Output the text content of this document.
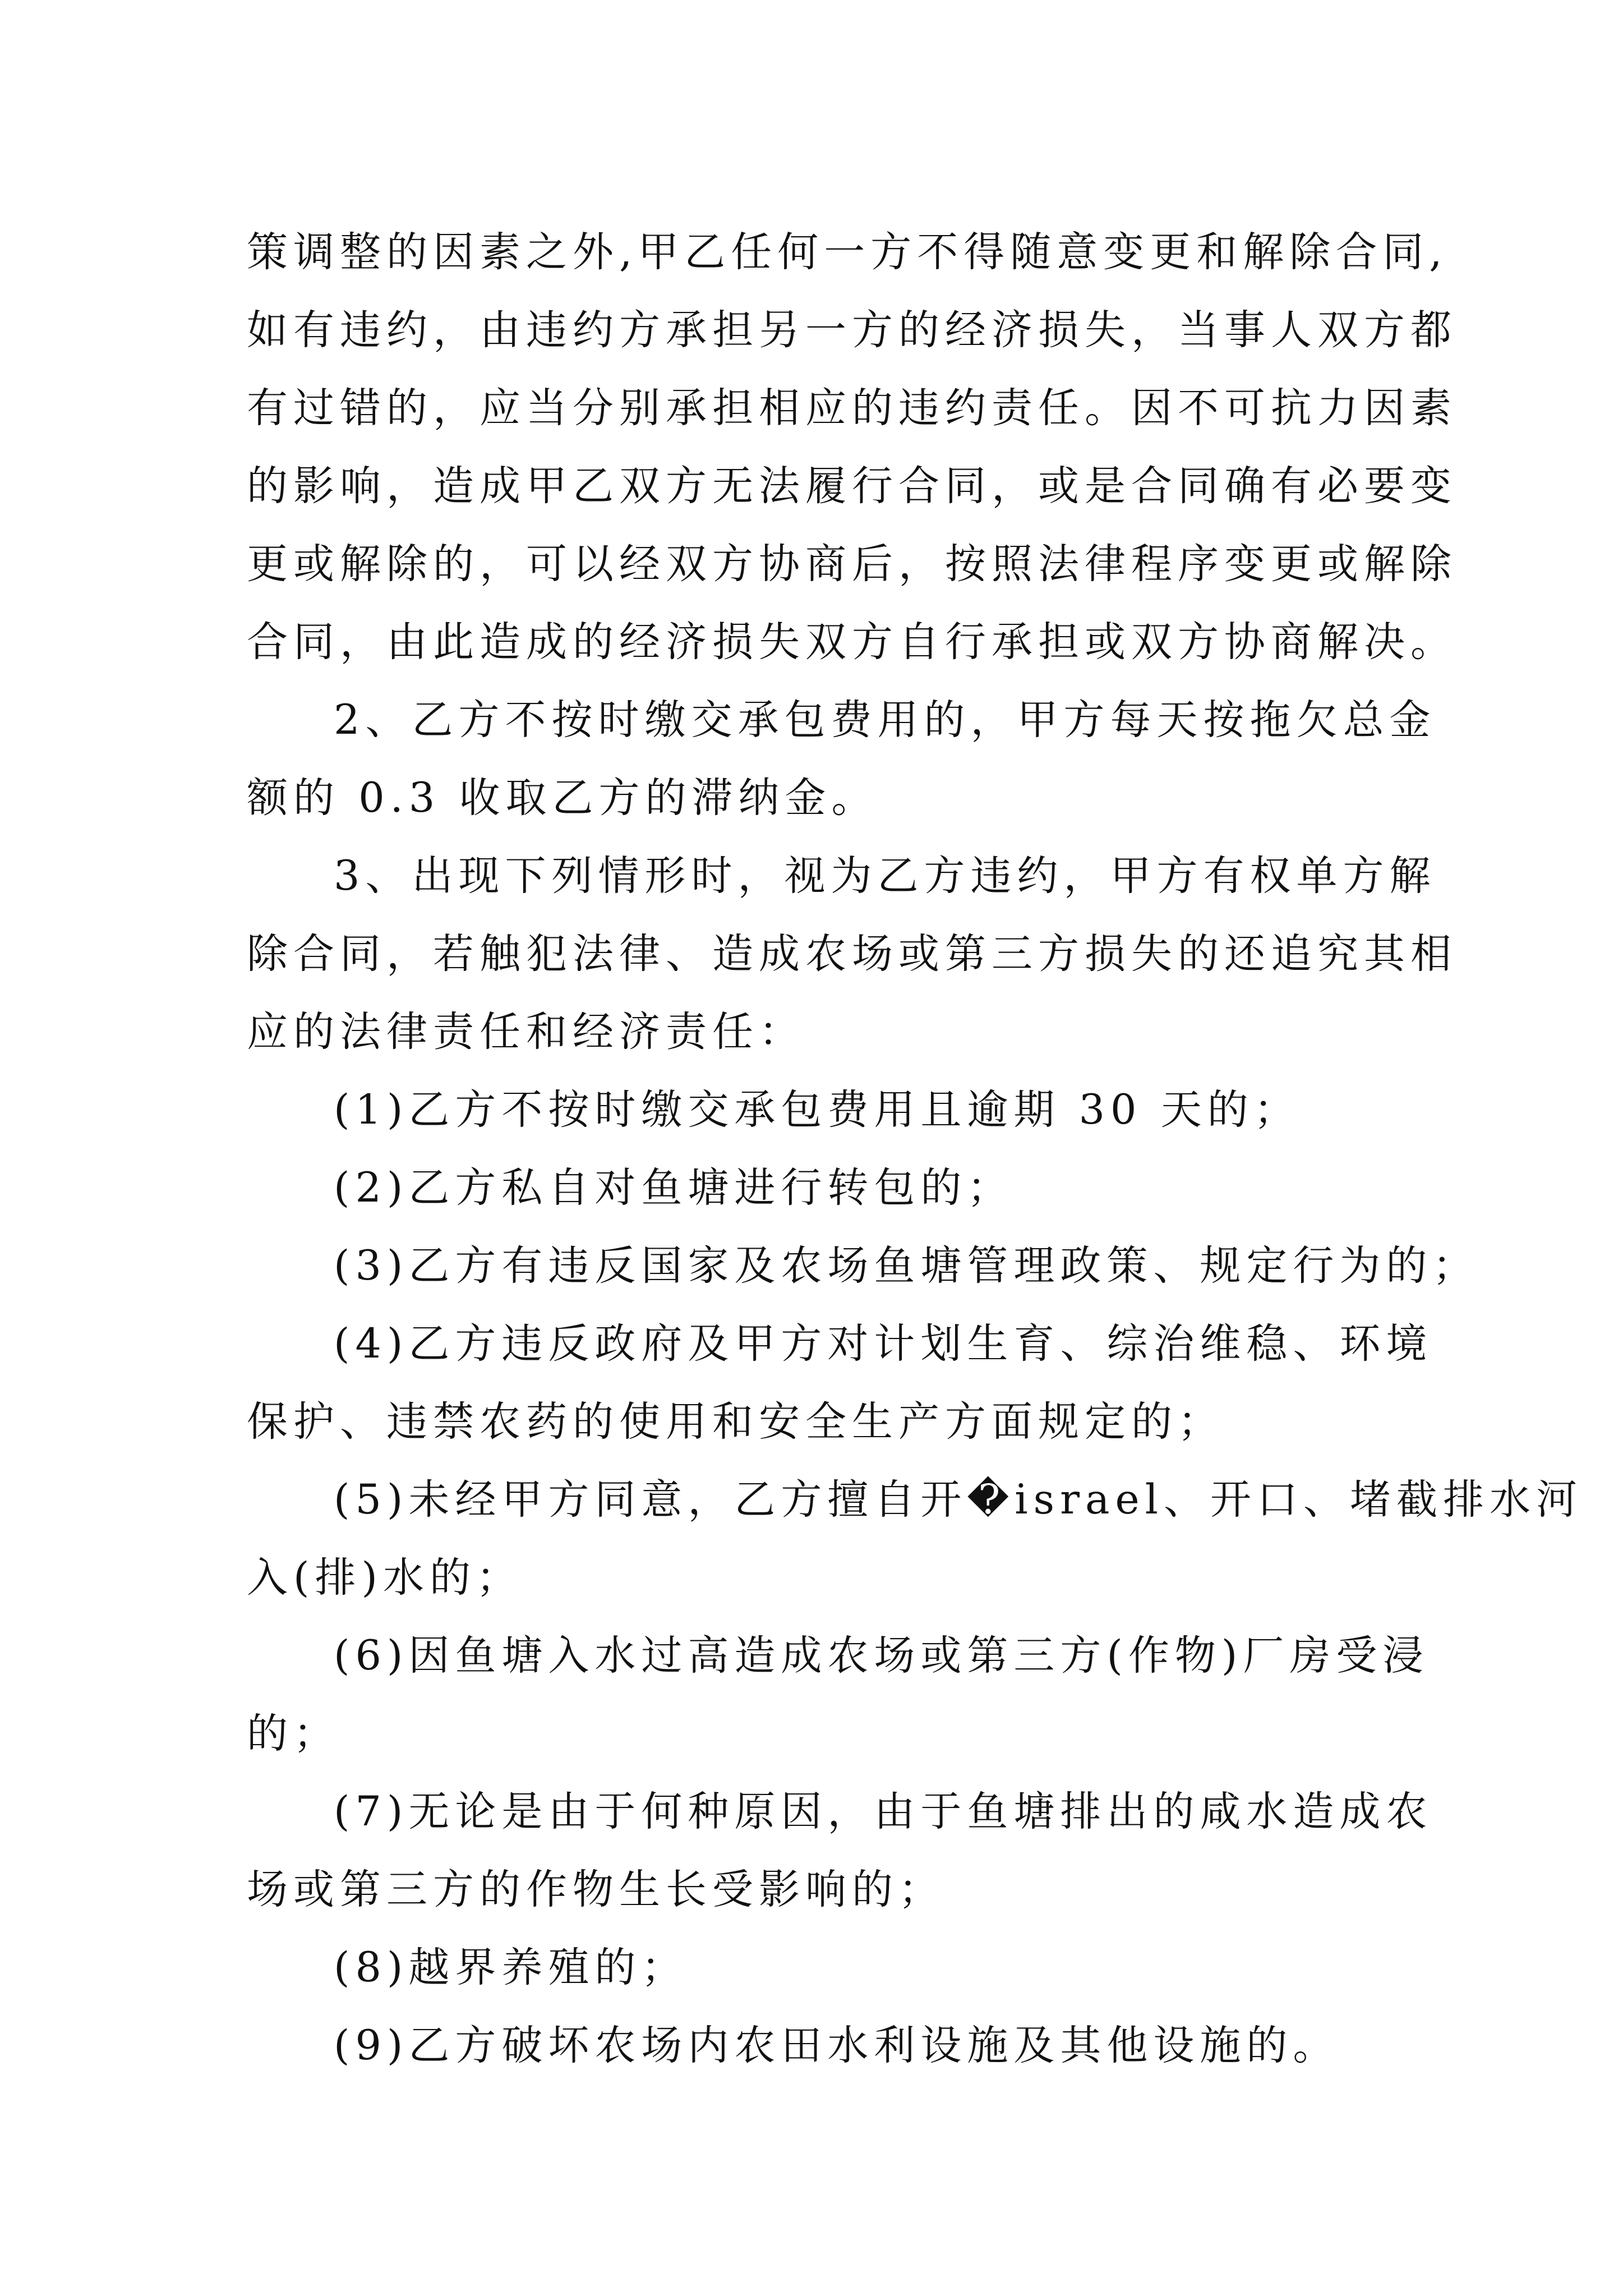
策调整的因素之外,甲乙任何一方不得随意变更和解除合同,
如有违约，由违约方承担另一方的经济损失，当事人双方都
有过错的，应当分别承担相应的违约责任。因不可抗力因素
的影响，造成甲乙双方无法履行合同，或是合同确有必要变
更或解除的，可以经双方协商后，按照法律程序变更或解除
合同，由此造成的经济损失双方自行承担或双方协商解决。
2、乙方不按时缴交承包费用的，甲方每天按拖欠总金
额的 0.3 收取乙方的滞纳金。
3、出现下列情形时，视为乙方违约，甲方有权单方解
除合同，若触犯法律、造成农场或第三方损失的还追究其相
应的法律责任和经济责任：
(1)乙方不按时缴交承包费用且逾期 30 天的；
(2)乙方私自对鱼塘进行转包的；
(3)乙方有违反国家及农场鱼塘管理政策、规定行为的；
(4)乙方违反政府及甲方对计划生育、综治维稳、环境
保护、违禁农药的使用和安全生产方面规定的；
(5)未经甲方同意，乙方擅自开�israel、开口、堵截排水河
入(排)水的；
(6)因鱼塘入水过高造成农场或第三方(作物)厂房受浸
的；
(7)无论是由于何种原因，由于鱼塘排出的咸水造成农
场或第三方的作物生长受影响的；
(8)越界养殖的；
(9)乙方破坏农场内农田水利设施及其他设施的。
